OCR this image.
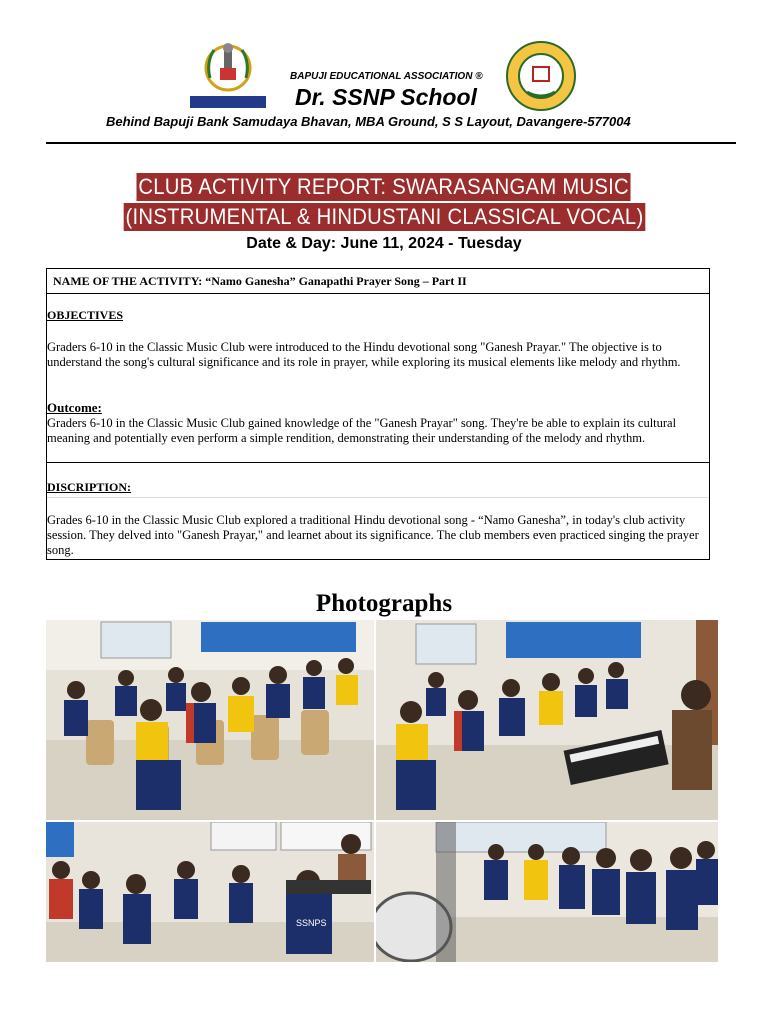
BAPUJI EDUCATIONAL ASSOCIATION ®
Dr. SSNP School
Behind Bapuji Bank Samudaya Bhavan, MBA Ground, S S Layout, Davangere-577004
CLUB ACTIVITY REPORT: SWARASANGAM MUSIC
(INSTRUMENTAL & HINDUSTANI CLASSICAL VOCAL)
Date & Day: June 11, 2024 - Tuesday
NAME OF THE ACTIVITY: “Namo Ganesha” Ganapathi Prayer Song – Part II
OBJECTIVES
Graders 6-10 in the Classic Music Club were introduced to the Hindu devotional song "Ganesh Prayar." The objective is to understand the song's cultural significance and its role in prayer, while exploring its musical elements like melody and rhythm.
Outcome:
Graders 6-10 in the Classic Music Club gained knowledge of the "Ganesh Prayar" song. They're be able to explain its cultural meaning and potentially even perform a simple rendition, demonstrating their understanding of the melody and rhythm.
DISCRIPTION:
Grades 6-10 in the Classic Music Club explored a traditional Hindu devotional song - “Namo Ganesha”, in today's club activity session. They delved into "Ganesh Prayar," and learnet about its significance. The club members even practiced singing the prayer song.
Photographs
SSNPS
